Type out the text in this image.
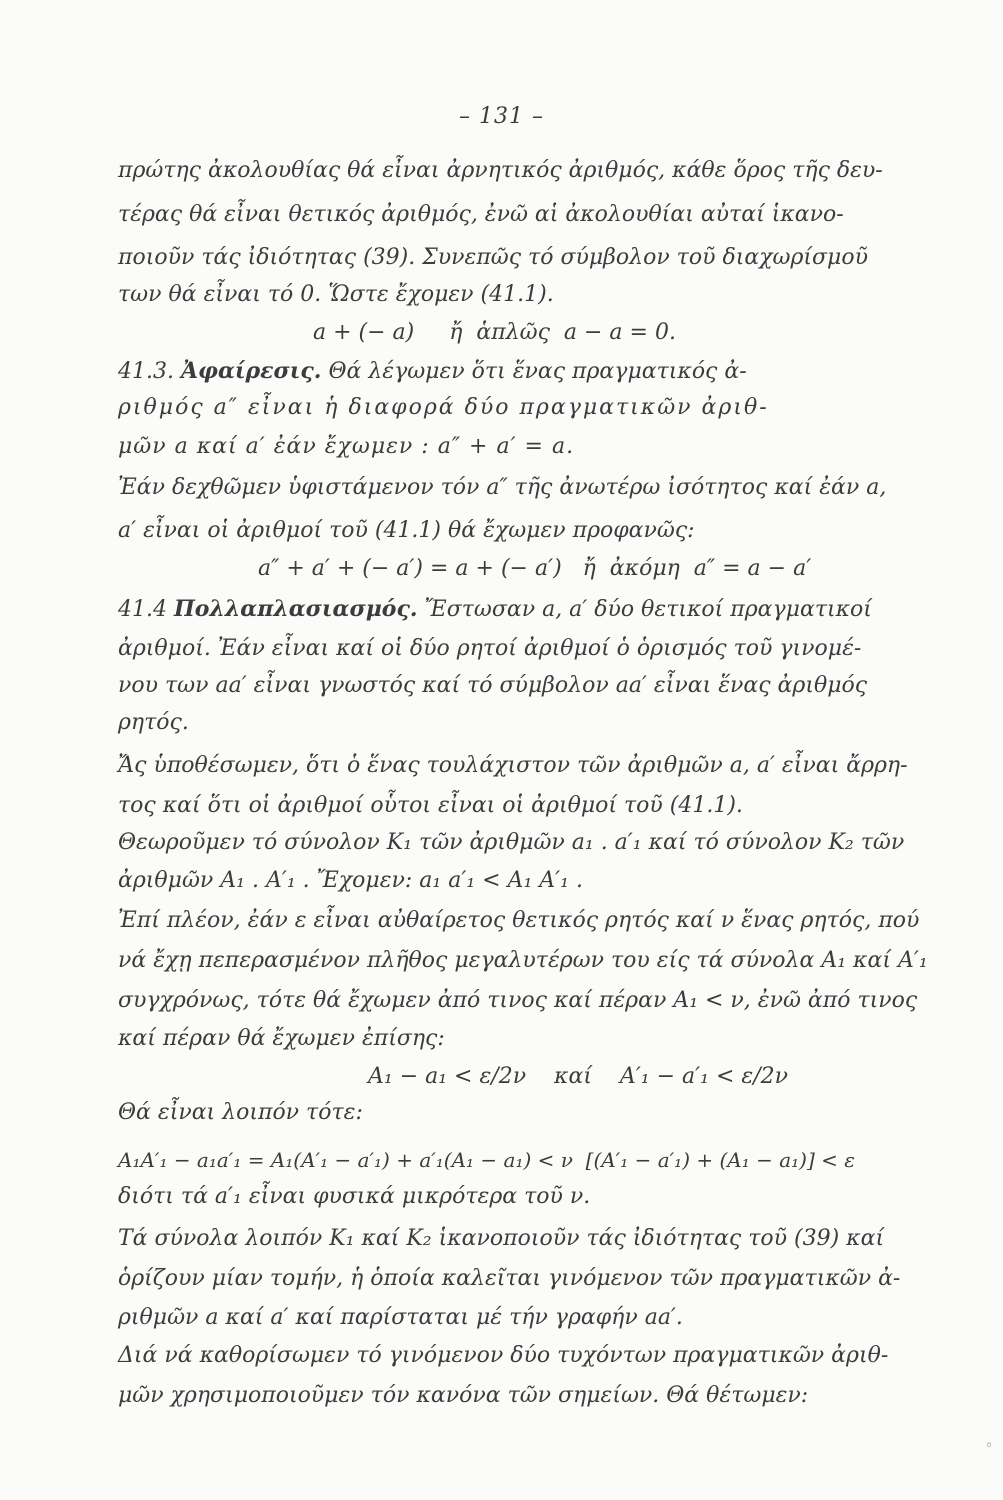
– 131 –
πρώτης ἀκολουθίας θά εἶναι ἀρνητικός ἀριθμός, κάθε ὅρος τῆς δευ-
τέρας θά εἶναι θετικός ἀριθμός, ἐνῶ αἱ ἀκολουθίαι αὐταί ἱκανο-
ποιοῦν τάς ἰδιότητας (39). Συνεπῶς τό σύμβολον τοῦ διαχωρίσμοῦ
των θά εἶναι τό 0. Ὥστε ἔχομεν (41.1).
a + (− a)     ἤ  ἁπλῶς  a − a = 0.
41.3. Ἀφαίρεσις. Θά λέγωμεν ὅτι ἕνας πραγματικός ἀ-
ριθμός a″ εἶναι ἡ διαφορά δύο πραγματικῶν ἀριθ-
μῶν a καί a′ ἐάν ἔχωμεν : a″ + a′ = a.
Ἐάν δεχθῶμεν ὑφιστάμενον τόν a″ τῆς ἀνωτέρω ἰσότητος καί ἐάν a,
a′ εἶναι οἱ ἀριθμοί τοῦ (41.1) θά ἔχωμεν προφανῶς:
a″ + a′ + (− a′) = a + (− a′)   ἤ  ἀκόμη  a″ = a − a′
41.4 Πολλαπλασιασμός. Ἔστωσαν a, a′ δύο θετικοί πραγματικοί
ἀριθμοί. Ἐάν εἶναι καί οἱ δύο ρητοί ἀριθμοί ὁ ὁρισμός τοῦ γινομέ-
νου των aa′ εἶναι γνωστός καί τό σύμβολον aa′ εἶναι ἕνας ἀριθμός
ρητός.
Ἄς ὑποθέσωμεν, ὅτι ὁ ἕνας τουλάχιστον τῶν ἀριθμῶν a, a′ εἶναι ἄρρη-
τος καί ὅτι οἱ ἀριθμοί οὗτοι εἶναι οἱ ἀριθμοί τοῦ (41.1).
Θεωροῦμεν τό σύνολον K₁ τῶν ἀριθμῶν a₁ . a′₁ καί τό σύνολον K₂ τῶν
ἀριθμῶν A₁ . A′₁ . Ἔχομεν: a₁ a′₁ < A₁ A′₁ .
Ἐπί πλέον, ἐάν ε εἶναι αὐθαίρετος θετικός ρητός καί ν ἕνας ρητός, πού
νά ἔχῃ πεπερασμένον πλῆθος μεγαλυτέρων του είς τά σύνολα A₁ καί A′₁
συγχρόνως, τότε θά ἔχωμεν ἀπό τινος καί πέραν A₁ < ν, ἐνῶ ἀπό τινος
καί πέραν θά ἔχωμεν ἐπίσης:
A₁ − a₁ < ε/2ν    καί    A′₁ − a′₁ < ε/2ν
Θά εἶναι λοιπόν τότε:
A₁A′₁ − a₁a′₁ = A₁(A′₁ − a′₁) + a′₁(A₁ − a₁) < ν  [(A′₁ − a′₁) + (A₁ − a₁)] < ε
διότι τά a′₁ εἶναι φυσικά μικρότερα τοῦ ν.
Τά σύνολα λοιπόν K₁ καί K₂ ἱκανοποιοῦν τάς ἰδιότητας τοῦ (39) καί
ὁρίζουν μίαν τομήν, ἡ ὁποία καλεῖται γινόμενον τῶν πραγματικῶν ἀ-
ριθμῶν a καί a′ καί παρίσταται μέ τήν γραφήν aa′.
Διά νά καθορίσωμεν τό γινόμενον δύο τυχόντων πραγματικῶν ἀριθ-
μῶν χρησιμοποιοῦμεν τόν κανόνα τῶν σημείων. Θά θέτωμεν:
◦
